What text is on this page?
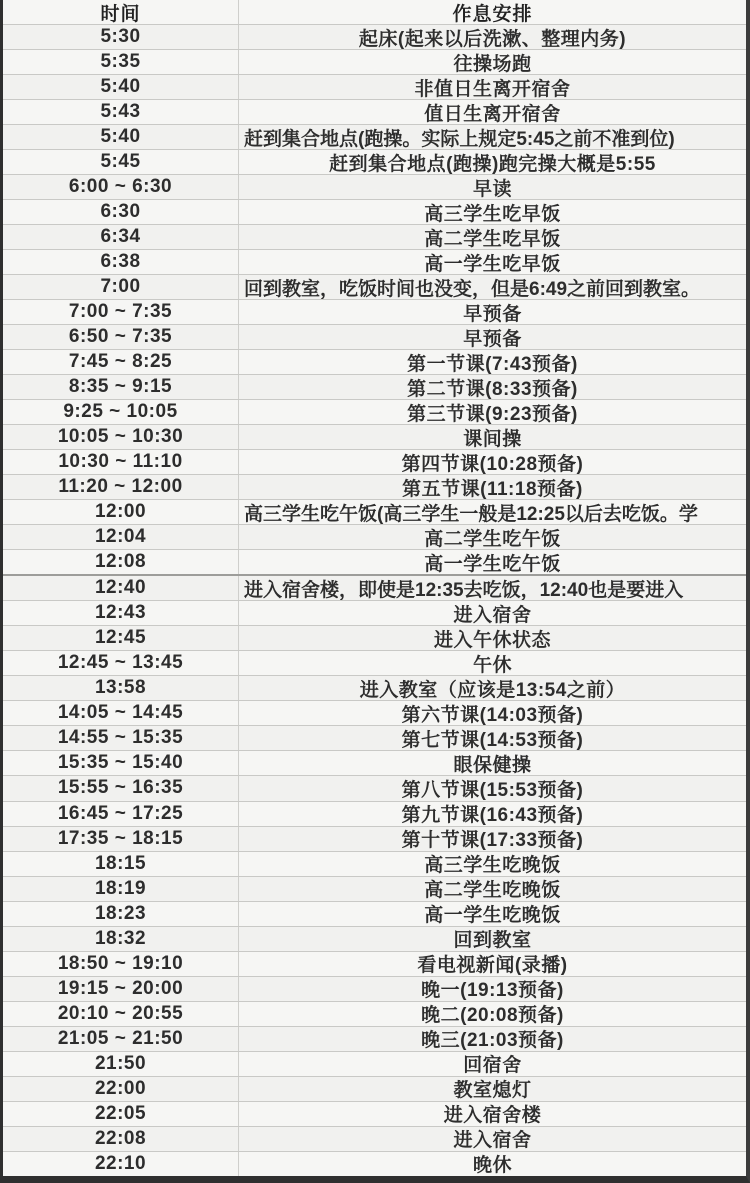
时间	作息安排
5:30	起床(起来以后洗漱、整理内务)
5:35	往操场跑
5:40	非值日生离开宿舍
5:43	值日生离开宿舍
5:40	赶到集合地点(跑操。实际上规定5:45之前不准到位)
5:45	赶到集合地点(跑操)跑完操大概是5:55
6:00 ~ 6:30	早读
6:30	高三学生吃早饭
6:34	高二学生吃早饭
6:38	高一学生吃早饭
7:00	回到教室，吃饭时间也没变，但是6:49之前回到教室。
7:00 ~ 7:35	早预备
6:50 ~ 7:35	早预备
7:45 ~ 8:25	第一节课(7:43预备)
8:35 ~ 9:15	第二节课(8:33预备)
9:25 ~ 10:05	第三节课(9:23预备)
10:05 ~ 10:30	课间操
10:30 ~ 11:10	第四节课(10:28预备)
11:20 ~ 12:00	第五节课(11:18预备)
12:00	高三学生吃午饭(高三学生一般是12:25以后去吃饭。学
12:04	高二学生吃午饭
12:08	高一学生吃午饭
12:40	进入宿舍楼，即使是12:35去吃饭，12:40也是要进入
12:43	进入宿舍
12:45	进入午休状态
12:45 ~ 13:45	午休
13:58	进入教室（应该是13:54之前）
14:05 ~ 14:45	第六节课(14:03预备)
14:55 ~ 15:35	第七节课(14:53预备)
15:35 ~ 15:40	眼保健操
15:55 ~ 16:35	第八节课(15:53预备)
16:45 ~ 17:25	第九节课(16:43预备)
17:35 ~ 18:15	第十节课(17:33预备)
18:15	高三学生吃晚饭
18:19	高二学生吃晚饭
18:23	高一学生吃晚饭
18:32	回到教室
18:50 ~ 19:10	看电视新闻(录播)
19:15 ~ 20:00	晚一(19:13预备)
20:10 ~ 20:55	晚二(20:08预备)
21:05 ~ 21:50	晚三(21:03预备)
21:50	回宿舍
22:00	教室熄灯
22:05	进入宿舍楼
22:08	进入宿舍
22:10	晚休
